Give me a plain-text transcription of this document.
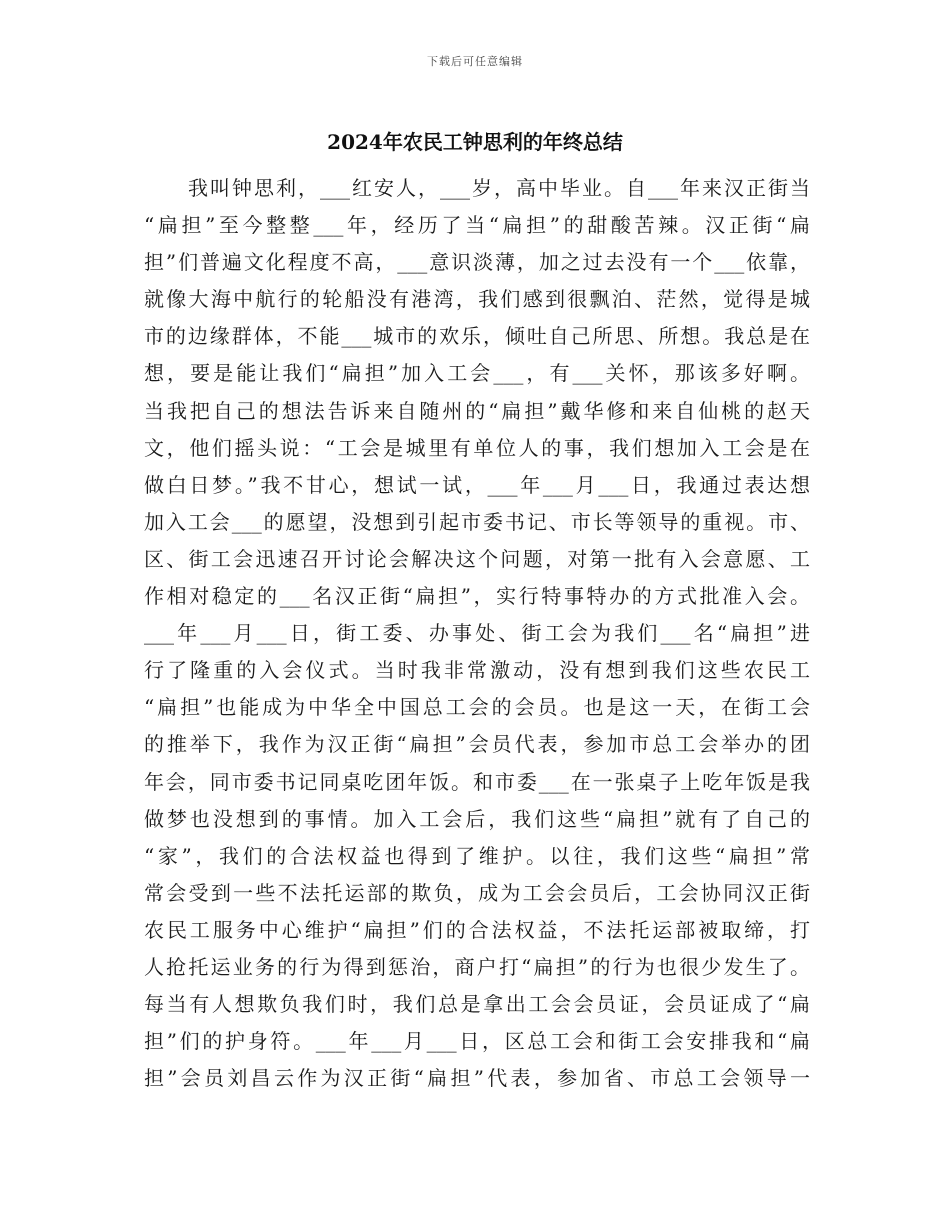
下载后可任意编辑
2024年农民工钟思利的年终总结
　　我叫钟思利，___红安人，___岁，高中毕业。自___年来汉正街当
“扁担”至今整整___年，经历了当“扁担”的甜酸苦辣。汉正街“扁
担”们普遍文化程度不高，___意识淡薄，加之过去没有一个___依靠，
就像大海中航行的轮船没有港湾，我们感到很飘泊、茫然，觉得是城
市的边缘群体，不能___城市的欢乐，倾吐自己所思、所想。我总是在
想，要是能让我们“扁担”加入工会___，有___关怀，那该多好啊。
当我把自己的想法告诉来自随州的“扁担”戴华修和来自仙桃的赵天
文，他们摇头说：“工会是城里有单位人的事，我们想加入工会是在
做白日梦。”我不甘心，想试一试，___年___月___日，我通过表达想
加入工会___的愿望，没想到引起市委书记、市长等领导的重视。市、
区、街工会迅速召开讨论会解决这个问题，对第一批有入会意愿、工
作相对稳定的___名汉正街“扁担”，实行特事特办的方式批准入会。
___年___月___日，街工委、办事处、街工会为我们___名“扁担”进
行了隆重的入会仪式。当时我非常激动，没有想到我们这些农民工
“扁担”也能成为中华全中国总工会的会员。也是这一天，在街工会
的推举下，我作为汉正街“扁担”会员代表，参加市总工会举办的团
年会，同市委书记同桌吃团年饭。和市委___在一张桌子上吃年饭是我
做梦也没想到的事情。加入工会后，我们这些“扁担”就有了自己的
“家”，我们的合法权益也得到了维护。以往，我们这些“扁担”常
常会受到一些不法托运部的欺负，成为工会会员后，工会协同汉正街
农民工服务中心维护“扁担”们的合法权益，不法托运部被取缔，打
人抢托运业务的行为得到惩治，商户打“扁担”的行为也很少发生了。
每当有人想欺负我们时，我们总是拿出工会会员证，会员证成了“扁
担”们的护身符。___年___月___日，区总工会和街工会安排我和“扁
担”会员刘昌云作为汉正街“扁担”代表，参加省、市总工会领导一
